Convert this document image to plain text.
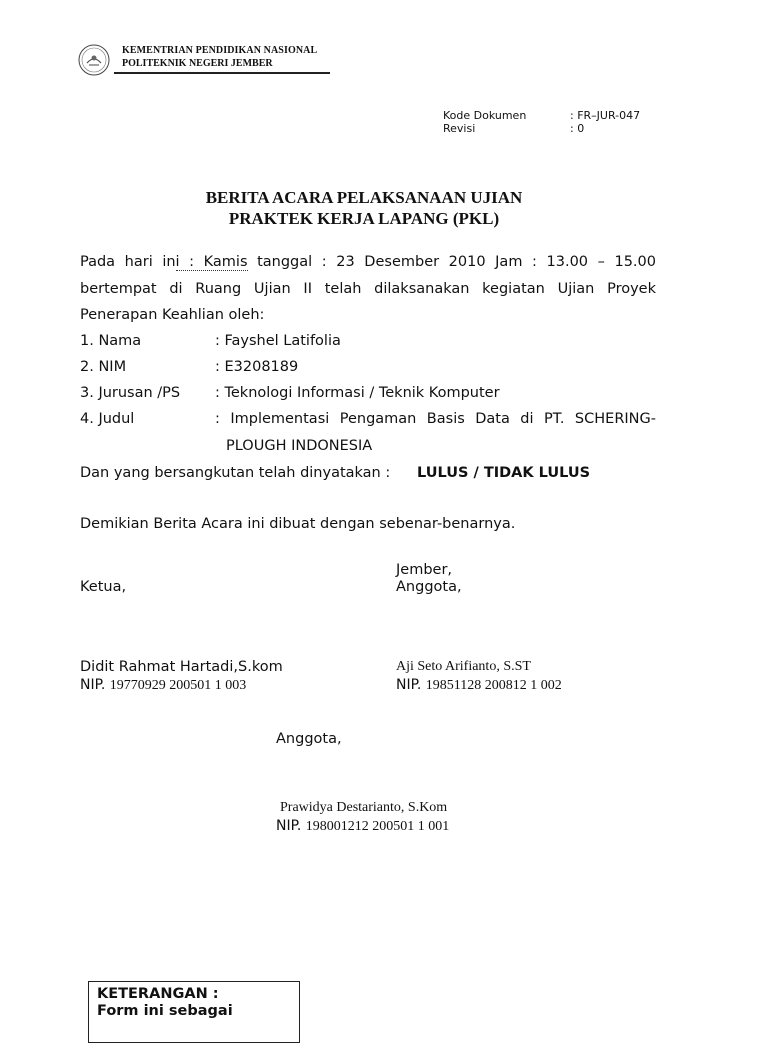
KEMENTRIAN PENDIDIKAN NASIONAL
POLITEKNIK NEGERI JEMBER
Kode Dokumen	: FR–JUR-047
Revisi	: 0
BERITA ACARA PELAKSANAAN UJIAN
PRAKTEK KERJA LAPANG (PKL)
Pada hari ini : Kamis tanggal : 23 Desember 2010 Jam : 13.00 – 15.00
bertempat di Ruang Ujian II telah dilaksanakan kegiatan Ujian Proyek
Penerapan Keahlian oleh:
1. Nama	: Fayshel Latifolia
2. NIM	: E3208189
3. Jurusan /PS : Teknologi Informasi / Teknik Komputer
4. Judul	: Implementasi Pengaman Basis Data di PT. SCHERING-
PLOUGH INDONESIA
Dan yang bersangkutan telah dinyatakan : LULUS / TIDAK LULUS
Demikian Berita Acara ini dibuat dengan sebenar-benarnya.
Jember,
Ketua,	Anggota,
Didit Rahmat Hartadi,S.kom
NIP. 19770929 200501 1 003
Aji Seto Arifianto, S.ST
NIP. 19851128 200812 1 002
Anggota,
Prawidya Destarianto, S.Kom
NIP. 198001212 200501 1 001
KETERANGAN :
Form ini sebagai
